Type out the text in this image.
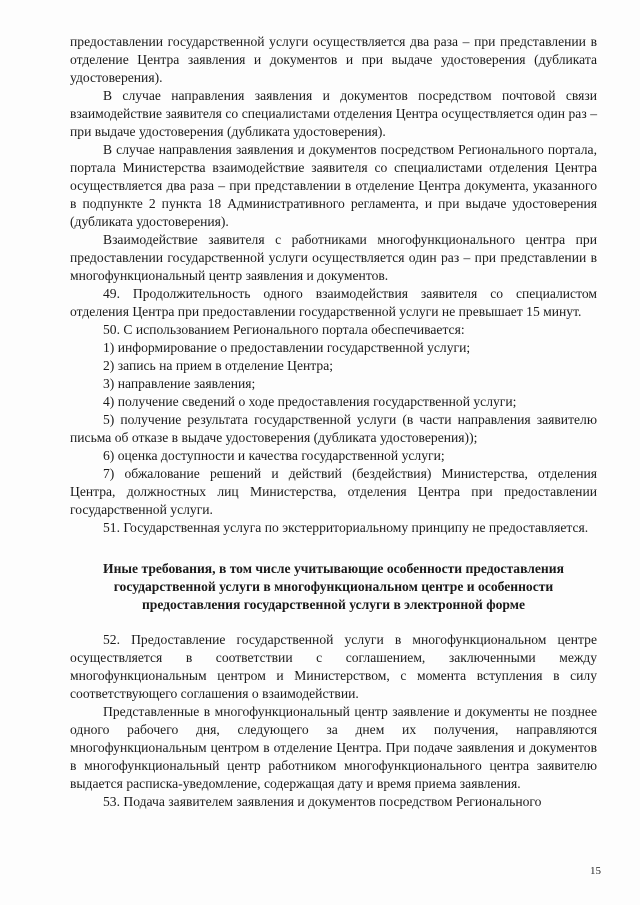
предоставлении государственной услуги осуществляется два раза – при представлении в отделение Центра заявления и документов и при выдаче удостоверения (дубликата удостоверения).

В случае направления заявления и документов посредством почтовой связи взаимодействие заявителя со специалистами отделения Центра осуществляется один раз – при выдаче удостоверения (дубликата удостоверения).

В случае направления заявления и документов посредством Регионального портала, портала Министерства взаимодействие заявителя со специалистами отделения Центра осуществляется два раза – при представлении в отделение Центра документа, указанного в подпункте 2 пункта 18 Административного регламента, и при выдаче удостоверения (дубликата удостоверения).

Взаимодействие заявителя с работниками многофункционального центра при предоставлении государственной услуги осуществляется один раз – при представлении в многофункциональный центр заявления и документов.

49. Продолжительность одного взаимодействия заявителя со специалистом отделения Центра при предоставлении государственной услуги не превышает 15 минут.

50. С использованием Регионального портала обеспечивается:

1) информирование о предоставлении государственной услуги;

2) запись на прием в отделение Центра;

3) направление заявления;

4) получение сведений о ходе предоставления государственной услуги;

5) получение результата государственной услуги (в части направления заявителю письма об отказе в выдаче удостоверения (дубликата удостоверения));

6) оценка доступности и качества государственной услуги;

7) обжалование решений и действий (бездействия) Министерства, отделения Центра, должностных лиц Министерства, отделения Центра при предоставлении государственной услуги.

51. Государственная услуга по экстерриториальному принципу не предоставляется.

Иные требования, в том числе учитывающие особенности предоставления государственной услуги в многофункциональном центре и особенности предоставления государственной услуги в электронной форме

52. Предоставление государственной услуги в многофункциональном центре осуществляется в соответствии с соглашением, заключенными между многофункциональным центром и Министерством, с момента вступления в силу соответствующего соглашения о взаимодействии.

Представленные в многофункциональный центр заявление и документы не позднее одного рабочего дня, следующего за днем их получения, направляются многофункциональным центром в отделение Центра. При подаче заявления и документов в многофункциональный центр работником многофункционального центра заявителю выдается расписка-уведомление, содержащая дату и время приема заявления.

53. Подача заявителем заявления и документов посредством Регионального

15
